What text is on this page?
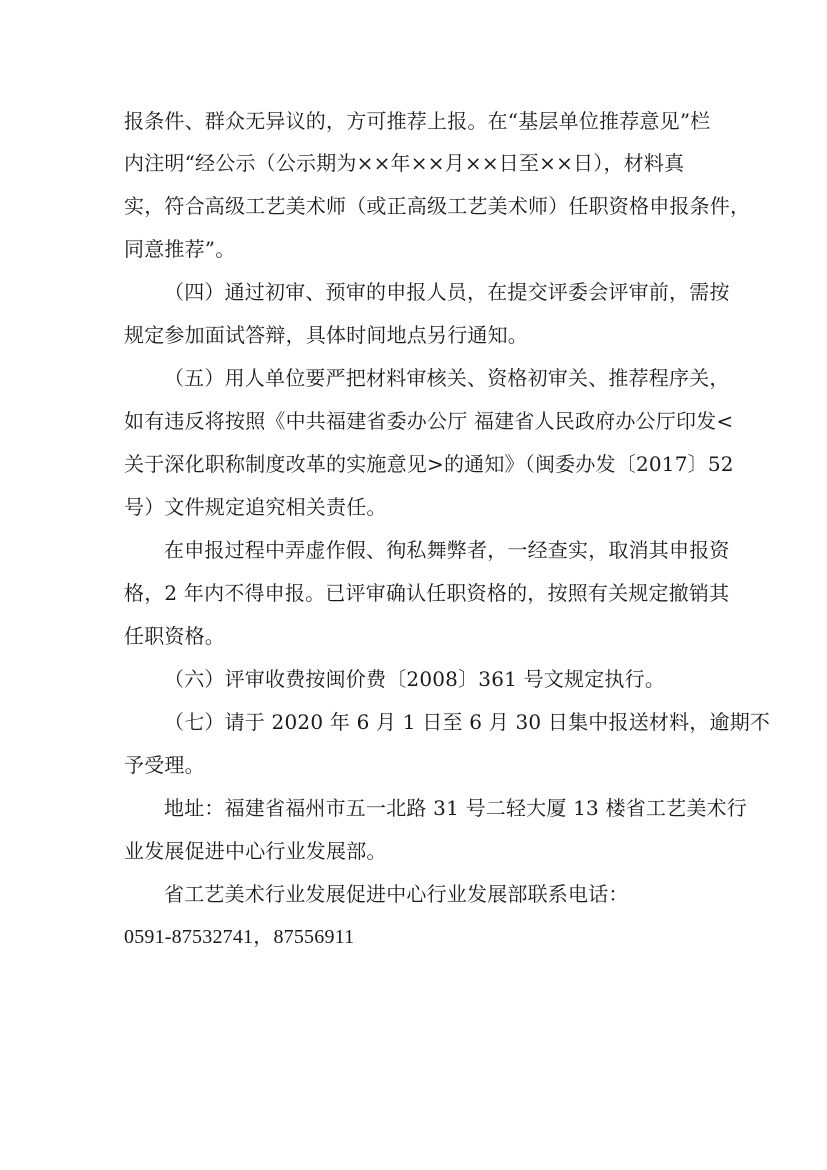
报条件、群众无异议的，方可推荐上报。在“基层单位推荐意见”栏
内注明“经公示（公示期为××年××月××日至××日），材料真
实，符合高级工艺美术师（或正高级工艺美术师）任职资格申报条件，
同意推荐”。
（四）通过初审、预审的申报人员，在提交评委会评审前，需按
规定参加面试答辩，具体时间地点另行通知。
（五）用人单位要严把材料审核关、资格初审关、推荐程序关，
如有违反将按照《中共福建省委办公厅 福建省人民政府办公厅印发<
关于深化职称制度改革的实施意见>的通知》（闽委办发〔2017〕52
号）文件规定追究相关责任。
在申报过程中弄虚作假、徇私舞弊者，一经查实，取消其申报资
格，2 年内不得申报。已评审确认任职资格的，按照有关规定撤销其
任职资格。
（六）评审收费按闽价费〔2008〕361 号文规定执行。
（七）请于 2020 年 6 月 1 日至 6 月 30 日集中报送材料，逾期不
予受理。
地址：福建省福州市五一北路 31 号二轻大厦 13 楼省工艺美术行
业发展促进中心行业发展部。
省工艺美术行业发展促进中心行业发展部联系电话：
0591-87532741，87556911
